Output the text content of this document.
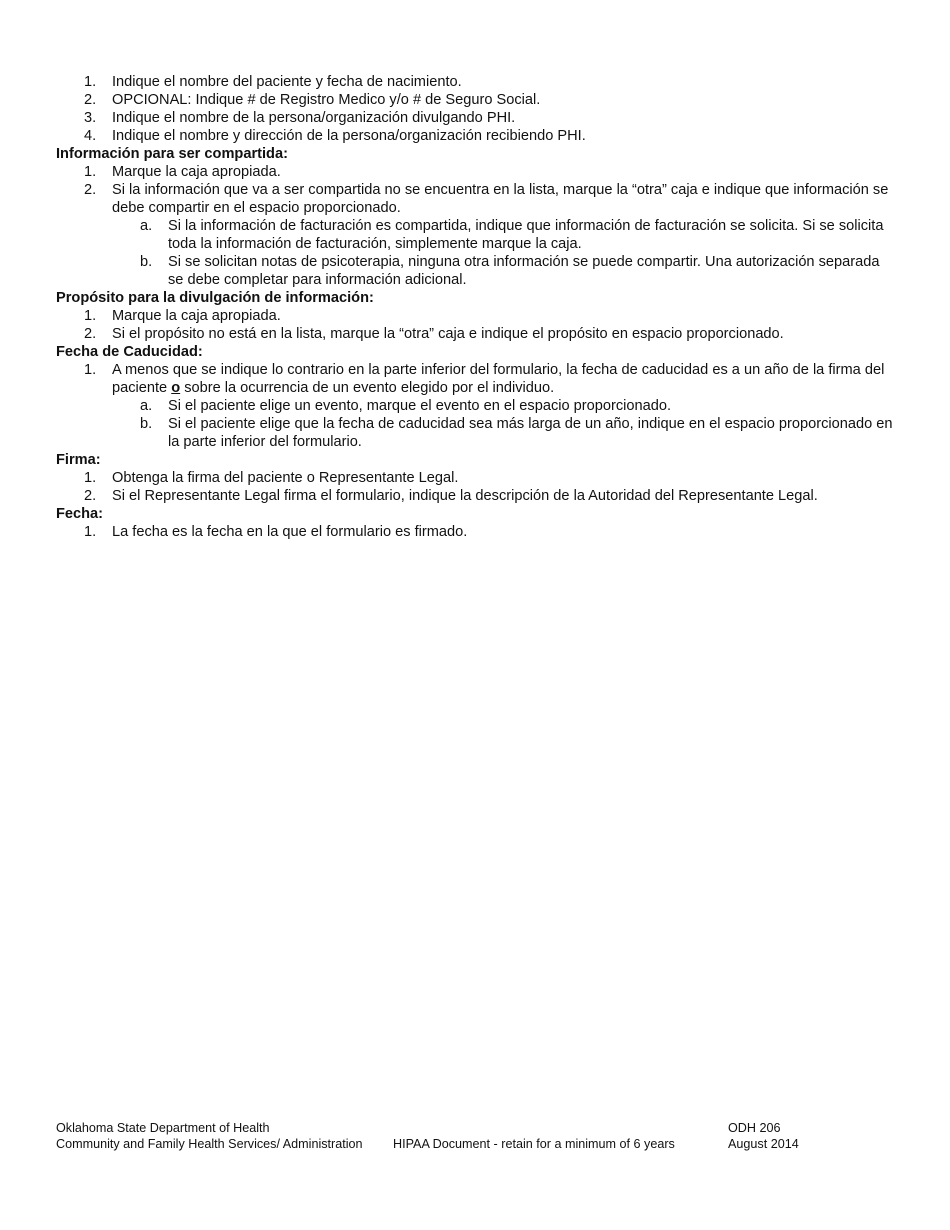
1. Indique el nombre del paciente y fecha de nacimiento.
2. OPCIONAL: Indique # de Registro Medico y/o # de Seguro Social.
3. Indique el nombre de la persona/organización divulgando PHI.
4. Indique el nombre y dirección de la persona/organización recibiendo PHI.

Información para ser compartida:

1. Marque la caja apropiada.
2. Si la información que va a ser compartida no se encuentra en la lista, marque la “otra” caja e indique que información se debe compartir en el espacio proporcionado.
a. Si la información de facturación es compartida, indique que información de facturación se solicita. Si se solicita toda la información de facturación, simplemente marque la caja.
b. Si se solicitan notas de psicoterapia, ninguna otra información se puede compartir. Una autorización separada se debe completar para información adicional.

Propósito para la divulgación de información:

1. Marque la caja apropiada.
2. Si el propósito no está en la lista, marque la “otra” caja e indique el propósito en espacio proporcionado.

Fecha de Caducidad:

1. A menos que se indique lo contrario en la parte inferior del formulario, la fecha de caducidad es a un año de la firma del paciente o sobre la ocurrencia de un evento elegido por el individuo.
a. Si el paciente elige un evento, marque el evento en el espacio proporcionado.
b. Si el paciente elige que la fecha de caducidad sea más larga de un año, indique en el espacio proporcionado en la parte inferior del formulario.

Firma:

1. Obtenga la firma del paciente o Representante Legal.
2. Si el Representante Legal firma el formulario, indique la descripción de la Autoridad del Representante Legal.

Fecha:

1. La fecha es la fecha en la que el formulario es firmado.
Oklahoma State Department of Health	ODH 206
Community and Family Health Services/ Administration HIPAA Document - retain for a minimum of 6 years	August 2014
